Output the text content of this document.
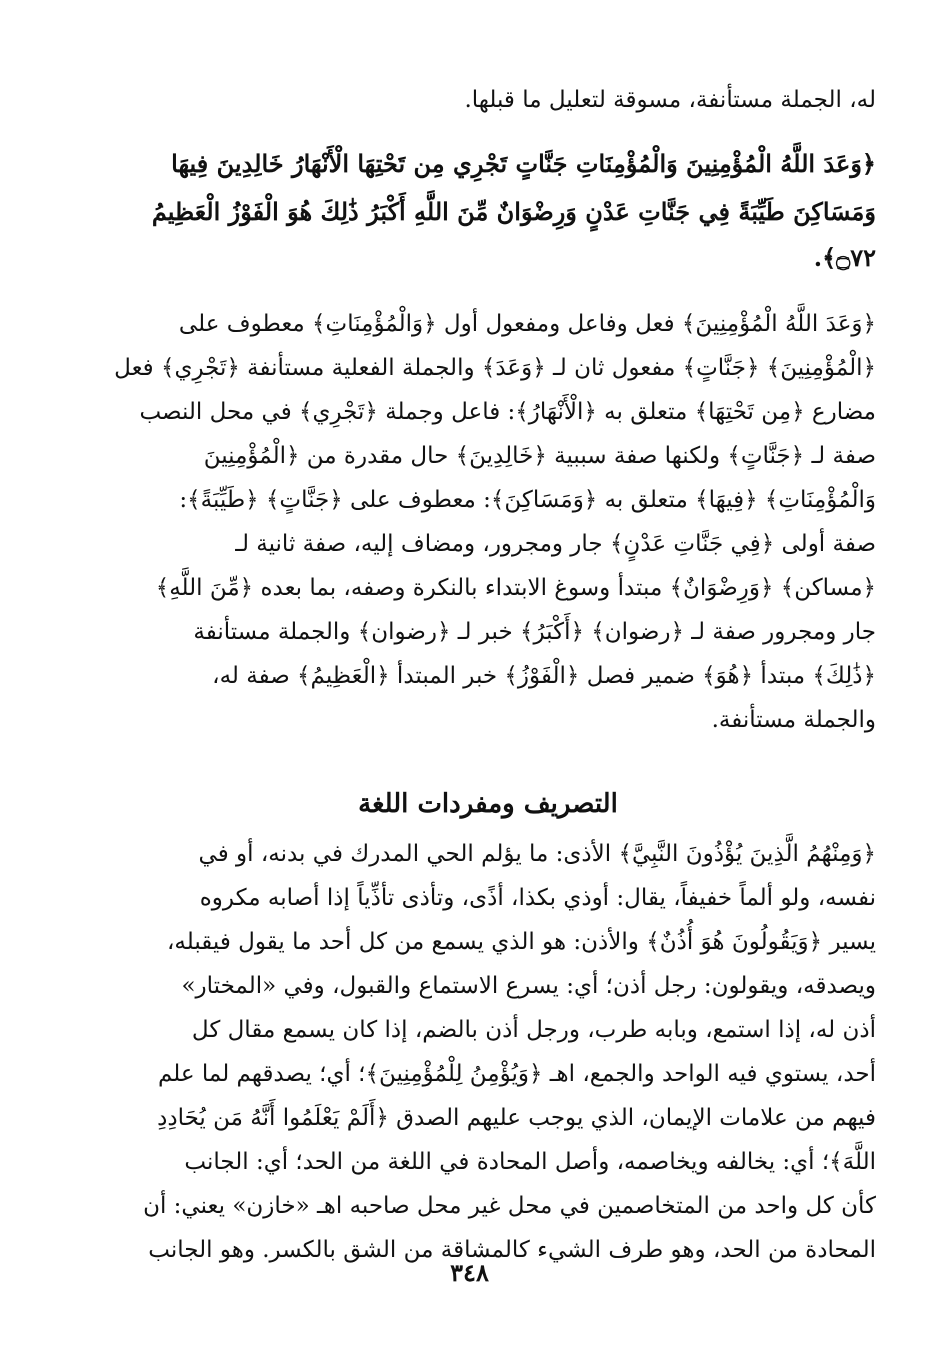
له، الجملة مستأنفة، مسوقة لتعليل ما قبلها.

﴿وَعَدَ اللَّهُ الْمُؤْمِنِينَ وَالْمُؤْمِنَاتِ جَنَّاتٍ تَجْرِي مِن تَحْتِهَا الْأَنْهَارُ خَالِدِينَ فِيهَا

وَمَسَاكِنَ طَيِّبَةً فِي جَنَّاتِ عَدْنٍ وَرِضْوَانٌ مِّنَ اللَّهِ أَكْبَرُ ذَٰلِكَ هُوَ الْفَوْزُ الْعَظِيمُ

۝٧٢﴾.

﴿وَعَدَ اللَّهُ الْمُؤْمِنِينَ﴾ فعل وفاعل ومفعول أول ﴿وَالْمُؤْمِنَاتِ﴾ معطوف على

﴿الْمُؤْمِنِينَ﴾ ﴿جَنَّاتٍ﴾ مفعول ثان لـ ﴿وَعَدَ﴾ والجملة الفعلية مستأنفة ﴿تَجْرِي﴾ فعل

مضارع ﴿مِن تَحْتِهَا﴾ متعلق به ﴿الْأَنْهَارُ﴾: فاعل وجملة ﴿تَجْرِي﴾ في محل النصب

صفة لـ ﴿جَنَّاتٍ﴾ ولكنها صفة سببية ﴿خَالِدِينَ﴾ حال مقدرة من ﴿الْمُؤْمِنِينَ

وَالْمُؤْمِنَاتِ﴾ ﴿فِيهَا﴾ متعلق به ﴿وَمَسَاكِنَ﴾: معطوف على ﴿جَنَّاتٍ﴾ ﴿طَيِّبَةً﴾:

صفة أولى ﴿فِي جَنَّاتِ عَدْنٍ﴾ جار ومجرور، ومضاف إليه، صفة ثانية لـ

﴿مساكن﴾ ﴿وَرِضْوَانٌ﴾ مبتدأ وسوغ الابتداء بالنكرة وصفه، بما بعده ﴿مِّنَ اللَّهِ﴾

جار ومجرور صفة لـ ﴿رضوان﴾ ﴿أَكْبَرُ﴾ خبر لـ ﴿رضوان﴾ والجملة مستأنفة

﴿ذَٰلِكَ﴾ مبتدأ ﴿هُوَ﴾ ضمير فصل ﴿الْفَوْزُ﴾ خبر المبتدأ ﴿الْعَظِيمُ﴾ صفة له،

والجملة مستأنفة.

التصريف ومفردات اللغة

﴿وَمِنْهُمُ الَّذِينَ يُؤْذُونَ النَّبِيَّ﴾ الأذى: ما يؤلم الحي المدرك في بدنه، أو في

نفسه، ولو ألماً خفيفاً، يقال: أوذي بكذا، أذًى، وتأذى تأذِّياً إذا أصابه مكروه

يسير ﴿وَيَقُولُونَ هُوَ أُذُنٌ﴾ والأذن: هو الذي يسمع من كل أحد ما يقول فيقبله،

ويصدقه، ويقولون: رجل أذن؛ أي: يسرع الاستماع والقبول، وفي «المختار»

أذن له، إذا استمع، وبابه طرب، ورجل أذن بالضم، إذا كان يسمع مقال كل

أحد، يستوي فيه الواحد والجمع، اهـ ﴿وَيُؤْمِنُ لِلْمُؤْمِنِينَ﴾؛ أي؛ يصدقهم لما علم

فيهم من علامات الإيمان، الذي يوجب عليهم الصدق ﴿أَلَمْ يَعْلَمُوا أَنَّهُ مَن يُحَادِدِ

اللَّهَ﴾؛ أي: يخالفه ويخاصمه، وأصل المحادة في اللغة من الحد؛ أي: الجانب

كأن كل واحد من المتخاصمين في محل غير محل صاحبه اهـ «خازن» يعني: أن

المحادة من الحد، وهو طرف الشيء كالمشاقة من الشق بالكسر. وهو الجانب

٣٤٨
